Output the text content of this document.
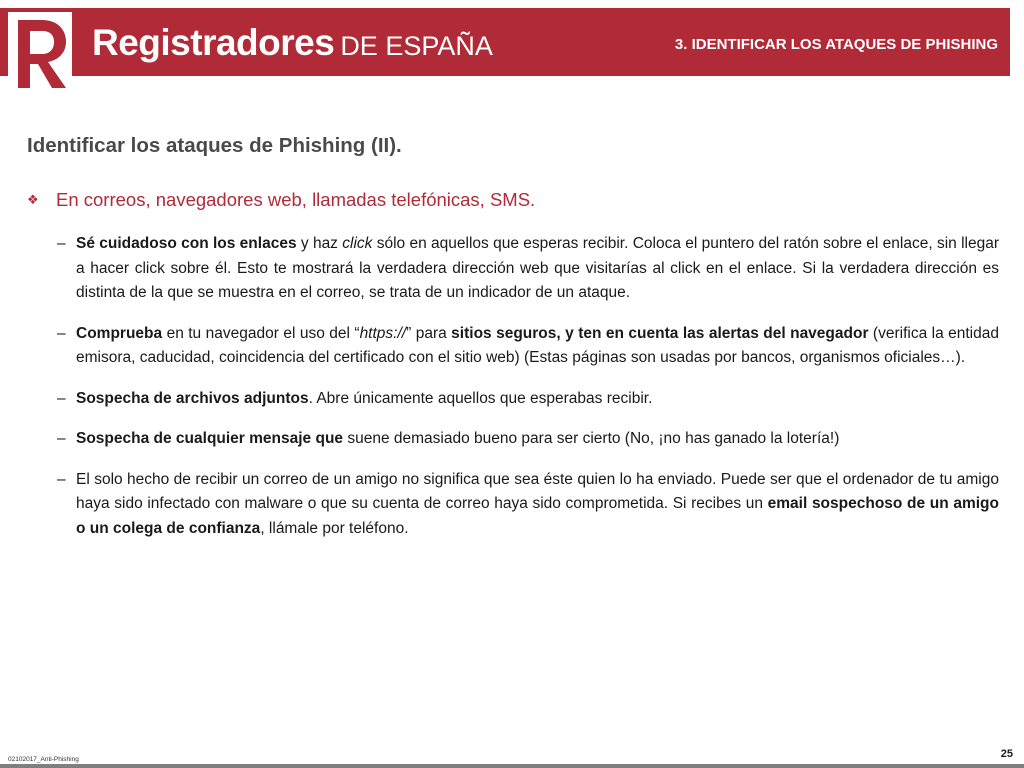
Registradores DE ESPAÑA	3. IDENTIFICAR LOS ATAQUES DE PHISHING
Identificar los ataques de Phishing (II).
❖ En correos, navegadores web, llamadas telefónicas, SMS.
– Sé cuidadoso con los enlaces y haz click sólo en aquellos que esperas recibir. Coloca el puntero del ratón sobre el enlace, sin llegar a hacer click sobre él. Esto te mostrará la verdadera dirección web que visitarías al click en el enlace. Si la verdadera dirección es distinta de la que se muestra en el correo, se trata de un indicador de un ataque.
– Comprueba en tu navegador el uso del “https://” para sitios seguros, y ten en cuenta las alertas del navegador (verifica la entidad emisora, caducidad, coincidencia del certificado con el sitio web) (Estas páginas son usadas por bancos, organismos oficiales…).
– Sospecha de archivos adjuntos. Abre únicamente aquellos que esperabas recibir.
– Sospecha de cualquier mensaje que suene demasiado bueno para ser cierto (No, ¡no has ganado la lotería!)
– El solo hecho de recibir un correo de un amigo no significa que sea éste quien lo ha enviado. Puede ser que el ordenador de tu amigo haya sido infectado con malware o que su cuenta de correo haya sido comprometida. Si recibes un email sospechoso de un amigo o un colega de confianza, llámale por teléfono.
02102017_Anti-Phishing	25
